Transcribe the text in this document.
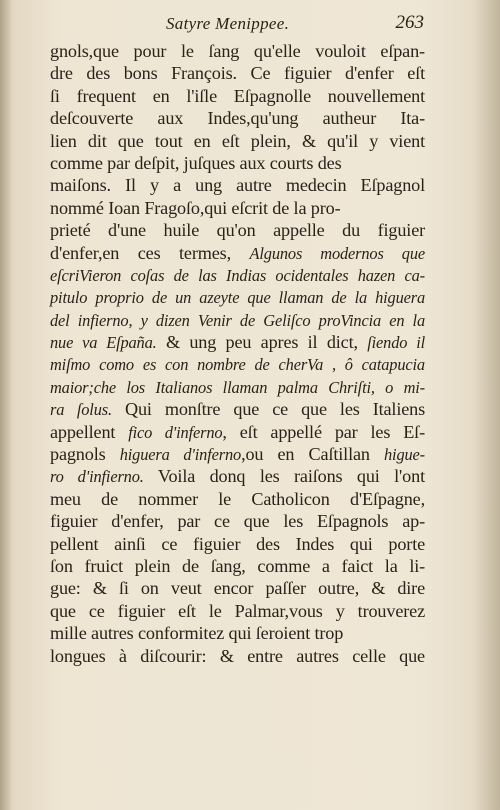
Satyre Menippee.	263
gnols,que pour le ſang qu'elle vouloit eſpan-
dre des bons François. Ce figuier d'enfer eſt
ſi frequent en l'iſle Eſpagnolle nouvellement
deſcouverte aux Indes,qu'ung autheur Ita-
lien dit que tout en eſt plein, & qu'il y vient
comme par deſpit, juſques aux courts des
maiſons. Il y a ung autre medecin Eſpagnol
nommé Ioan Fragoſo,qui eſcrit de la pro-
prieté d'une huile qu'on appelle du figuier
d'enfer,en ces termes, Algunos modernos que
eſcriVieron coſas de las Indias ocidentales hazen ca-
pitulo proprio de un azeyte que llaman de la higuera
del infierno, y dizen Venir de Geliſco proVincia en la
nue va Eſpaña. & ung peu apres il dict, ſiendo il
miſmo como es con nombre de cherVa , ô catapucia
maior;che los Italianos llaman palma Chriſti, o mi-
ra ſolus. Qui monſtre que ce que les Italiens
appellent fico d'inferno, eſt appellé par les Eſ-
pagnols higuera d'inferno,ou en Caſtillan higue-
ro d'infierno. Voila donq les raiſons qui l'ont
meu de nommer le Catholicon d'Eſpagne,
figuier d'enfer, par ce que les Eſpagnols ap-
pellent ainſi ce figuier des Indes qui porte
ſon fruict plein de ſang, comme a faict la li-
gue: & ſi on veut encor paſſer outre, & dire
que ce figuier eſt le Palmar,vous y trouverez
mille autres conformitez qui ſeroient trop
longues à diſcourir: & entre autres celle que
